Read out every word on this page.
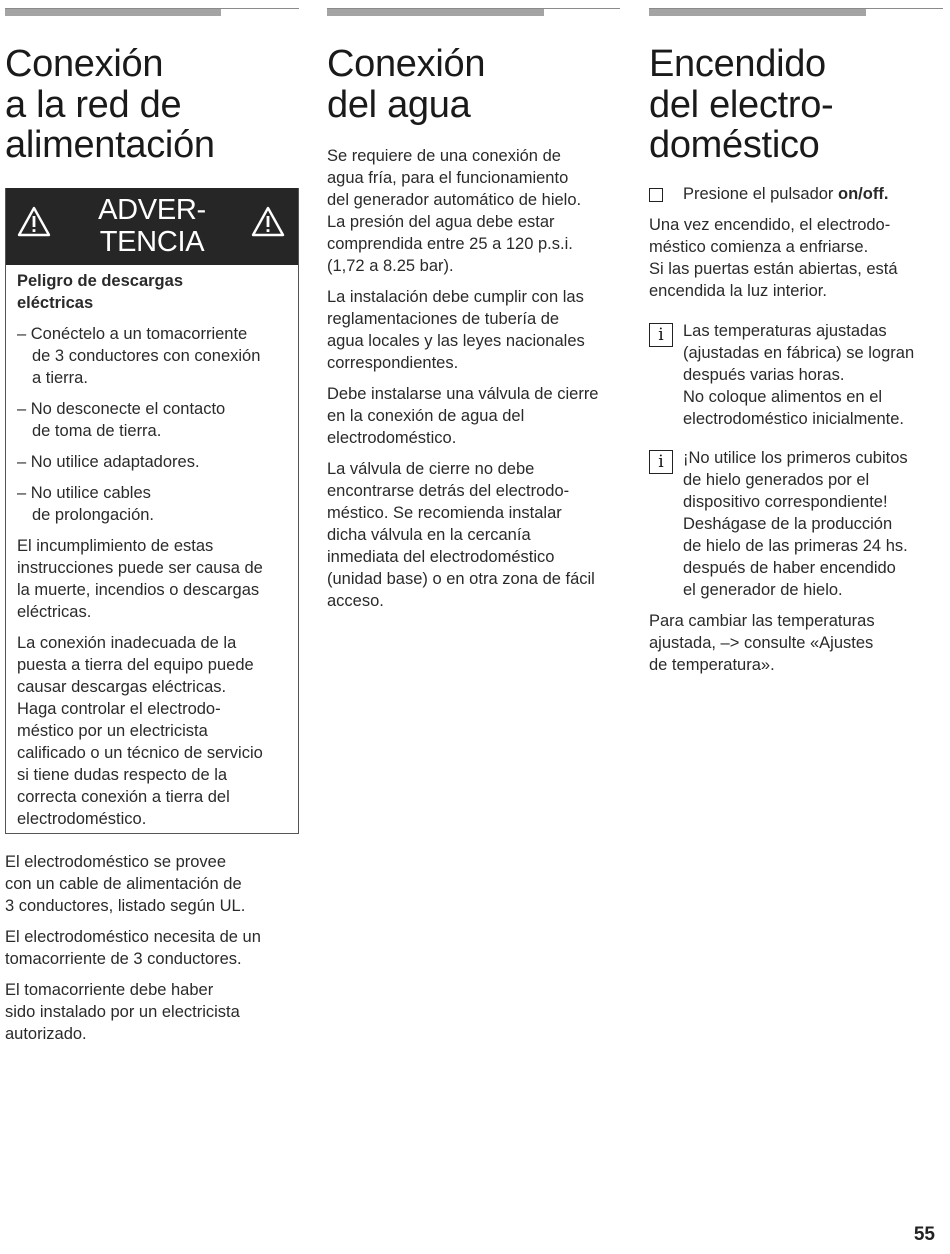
Conexión
a la red de
alimentación
ADVER-
TENCIA

Peligro de descargas
eléctricas

– Conéctelo a un tomacorriente
de 3 conductores con conexión
a tierra.

– No desconecte el contacto
de toma de tierra.

– No utilice adaptadores.

– No utilice cables
de prolongación.

El incumplimiento de estas
instrucciones puede ser causa de
la muerte, incendios o descargas
eléctricas.

La conexión inadecuada de la
puesta a tierra del equipo puede
causar descargas eléctricas.
Haga controlar el electrodo-
méstico por un electricista
calificado o un técnico de servicio
si tiene dudas respecto de la
correcta conexión a tierra del
electrodoméstico.

El electrodoméstico se provee
con un cable de alimentación de
3 conductores, listado según UL.

El electrodoméstico necesita de un
tomacorriente de 3 conductores.

El tomacorriente debe haber
sido instalado por un electricista
autorizado.

Conexión
del agua

Se requiere de una conexión de
agua fría, para el funcionamiento
del generador automático de hielo.
La presión del agua debe estar
comprendida entre 25 a 120 p.s.i.
(1,72 a 8.25 bar).

La instalación debe cumplir con las
reglamentaciones de tubería de
agua locales y las leyes nacionales
correspondientes.

Debe instalarse una válvula de cierre
en la conexión de agua del
electrodoméstico.

La válvula de cierre no debe
encontrarse detrás del electrodo-
méstico. Se recomienda instalar
dicha válvula en la cercanía
inmediata del electrodoméstico
(unidad base) o en otra zona de fácil
acceso.

Encendido
del electro-
doméstico

Presione el pulsador on/off.

Una vez encendido, el electrodo-
méstico comienza a enfriarse.
Si las puertas están abiertas, está
encendida la luz interior.

i	Las temperaturas ajustadas
(ajustadas en fábrica) se logran
después varias horas.
No coloque alimentos en el
electrodoméstico inicialmente.

i	¡No utilice los primeros cubitos
de hielo generados por el
dispositivo correspondiente!
Deshágase de la producción
de hielo de las primeras 24 hs.
después de haber encendido
el generador de hielo.

Para cambiar las temperaturas
ajustada, –> consulte «Ajustes
de temperatura».

55
